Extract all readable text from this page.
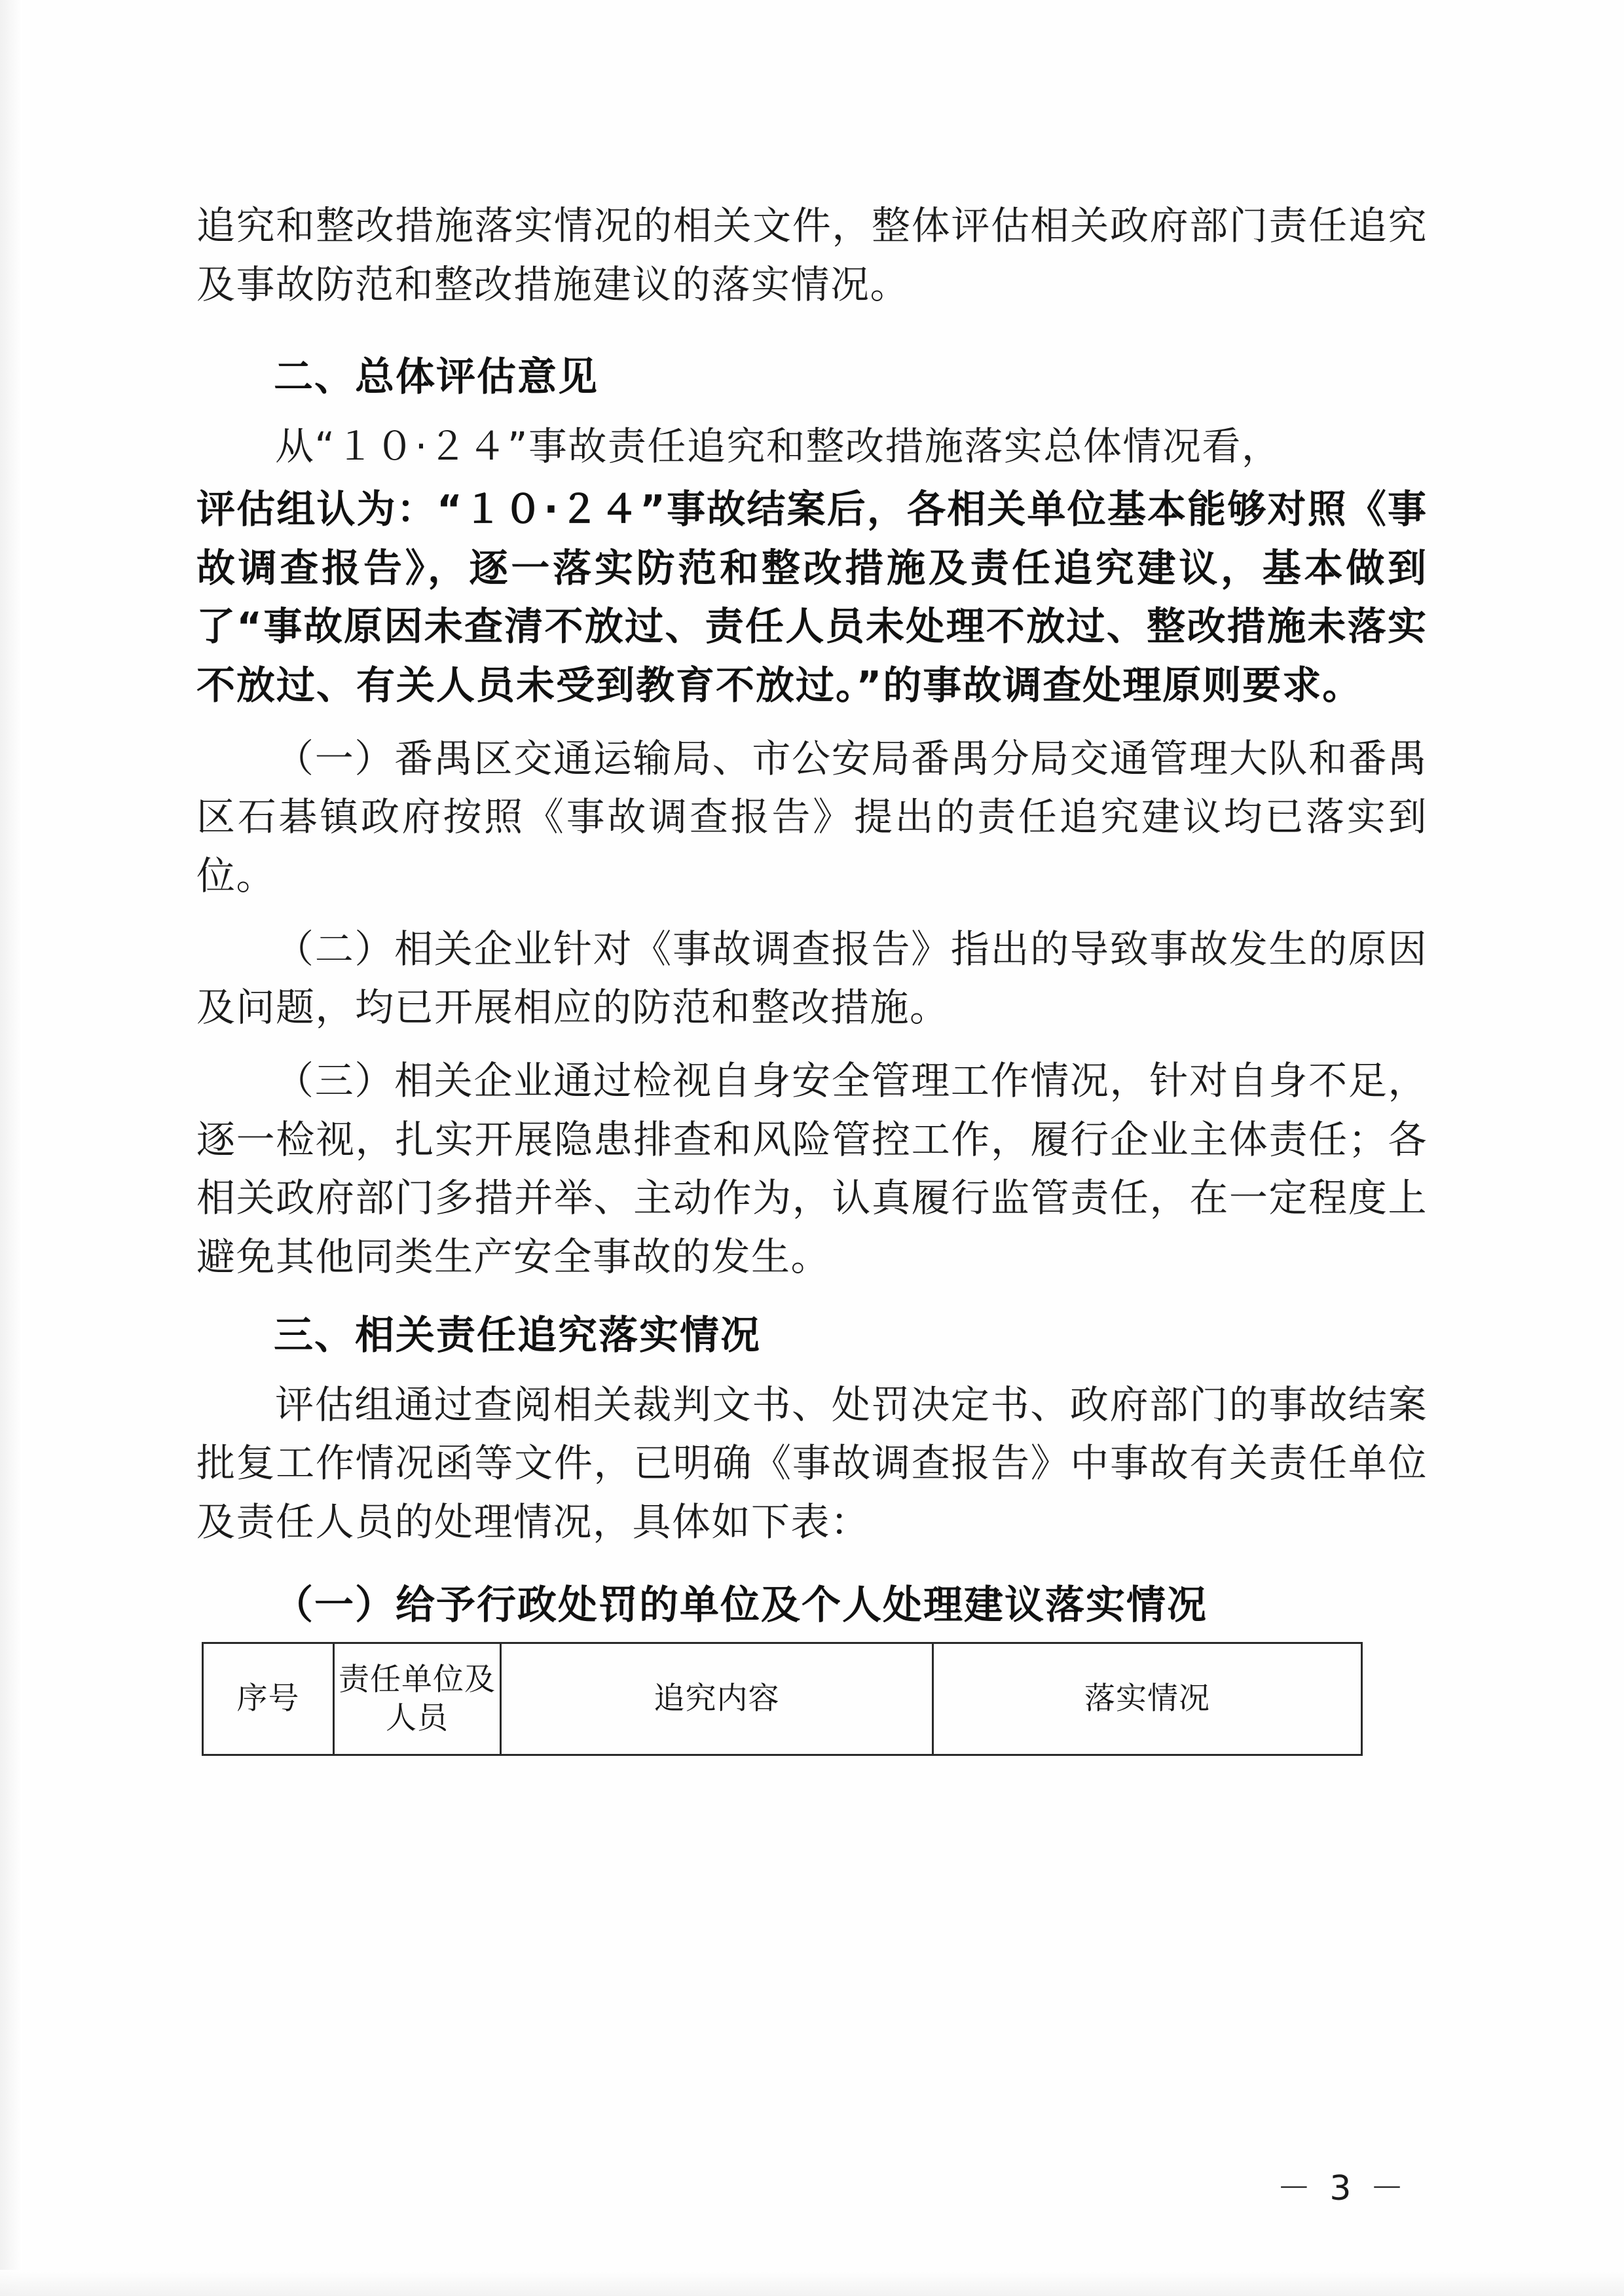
追究和整改措施落实情况的相关文件，整体评估相关政府部门责任追究及事故防范和整改措施建议的落实情况。

二、总体评估意见

从“１０·２４”事故责任追究和整改措施落实总体情况看，

评估组认为：“１０·２４”事故结案后，各相关单位基本能够对照《事故调查报告》，逐一落实防范和整改措施及责任追究建议，基本做到了“事故原因未查清不放过、责任人员未处理不放过、整改措施未落实不放过、有关人员未受到教育不放过。”的事故调查处理原则要求。

（一）番禺区交通运输局、市公安局番禺分局交通管理大队和番禺区石碁镇政府按照《事故调查报告》提出的责任追究建议均已落实到位。

（二）相关企业针对《事故调查报告》指出的导致事故发生的原因及问题，均已开展相应的防范和整改措施。

（三）相关企业通过检视自身安全管理工作情况，针对自身不足，逐一检视，扎实开展隐患排查和风险管控工作，履行企业主体责任；各相关政府部门多措并举、主动作为，认真履行监管责任，在一定程度上避免其他同类生产安全事故的发生。

三、相关责任追究落实情况

评估组通过查阅相关裁判文书、处罚决定书、政府部门的事故结案批复工作情况函等文件，已明确《事故调查报告》中事故有关责任单位及责任人员的处理情况，具体如下表：

（一）给予行政处罚的单位及个人处理建议落实情况
序号	责任单位及人员	追究内容	落实情况
－ 3 －
